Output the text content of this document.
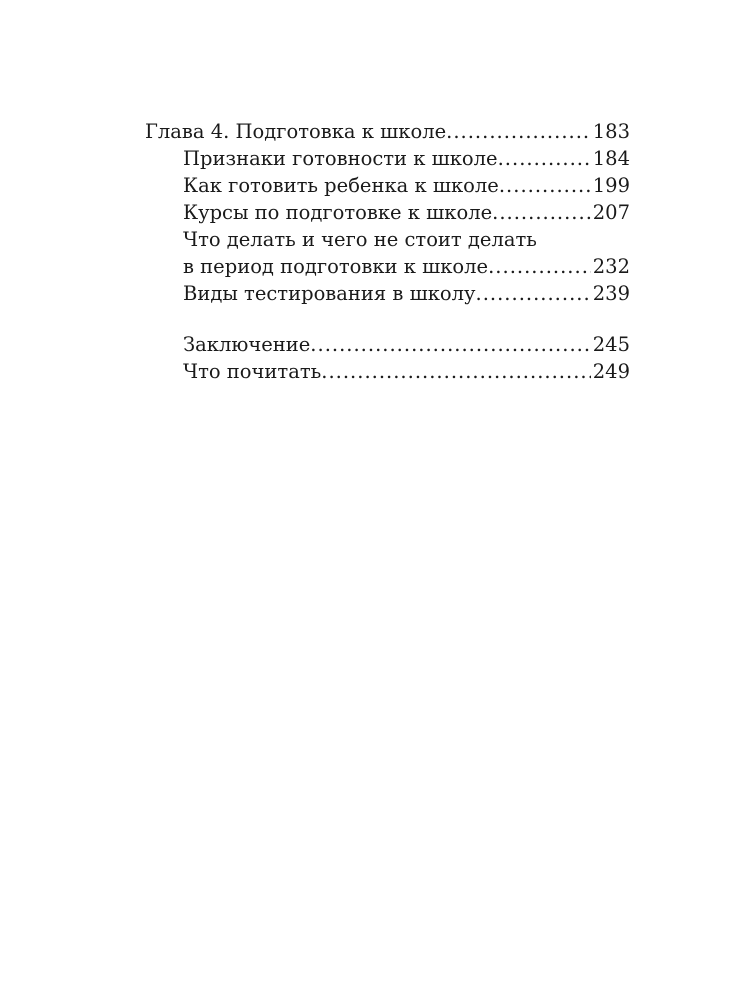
Глава 4. Подготовка к школе .....	183
Признаки готовности к школе .....	184
Как готовить ребенка к школе .....	199
Курсы по подготовке к школе .....	207
Что делать и чего не стоит делать
в период подготовки к школе .....	232
Виды тестирования в школу .....	239
Заключение .....	245
Что почитать .....	249
